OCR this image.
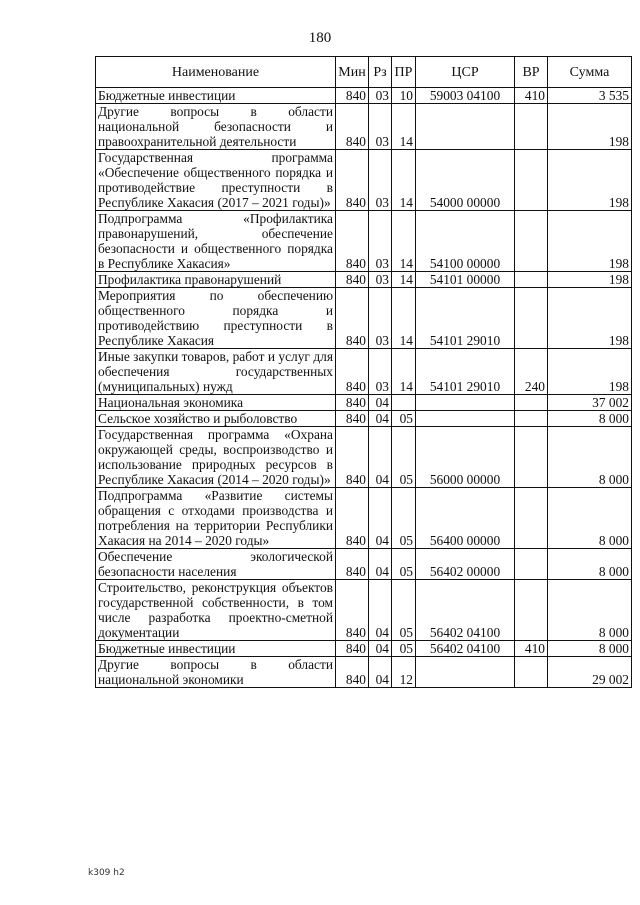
180
Наименование	Мин	Рз	ПР	ЦСР	ВР	Сумма
Бюджетные инвестиции	840	03	10	59003 04100	410	3 535
Другие вопросы в области национальной безопасности и правоохранительной деятельности	840	03	14			198
Государственная программа «Обеспечение общественного порядка и противодействие преступности в Республике Хакасия (2017 – 2021 годы)»	840	03	14	54000 00000		198
Подпрограмма «Профилактика правонарушений, обеспечение безопасности и общественного порядка в Республике Хакасия»	840	03	14	54100 00000		198
Профилактика правонарушений	840	03	14	54101 00000		198
Мероприятия по обеспечению общественного порядка и противодействию преступности в Республике Хакасия	840	03	14	54101 29010		198
Иные закупки товаров, работ и услуг для обеспечения государственных (муниципальных) нужд	840	03	14	54101 29010	240	198
Национальная экономика	840	04				37 002
Сельское хозяйство и рыболовство	840	04	05			8 000
Государственная программа «Охрана окружающей среды, воспроизводство и использование природных ресурсов в Республике Хакасия (2014 – 2020 годы)»	840	04	05	56000 00000		8 000
Подпрограмма «Развитие системы обращения с отходами производства и потребления на территории Республики Хакасия на 2014 – 2020 годы»	840	04	05	56400 00000		8 000
Обеспечение экологической безопасности населения	840	04	05	56402 00000		8 000
Строительство, реконструкция объектов государственной собственности, в том числе разработка проектно-сметной документации	840	04	05	56402 04100		8 000
Бюджетные инвестиции	840	04	05	56402 04100	410	8 000
Другие вопросы в области национальной экономики	840	04	12			29 002
k309 h2
